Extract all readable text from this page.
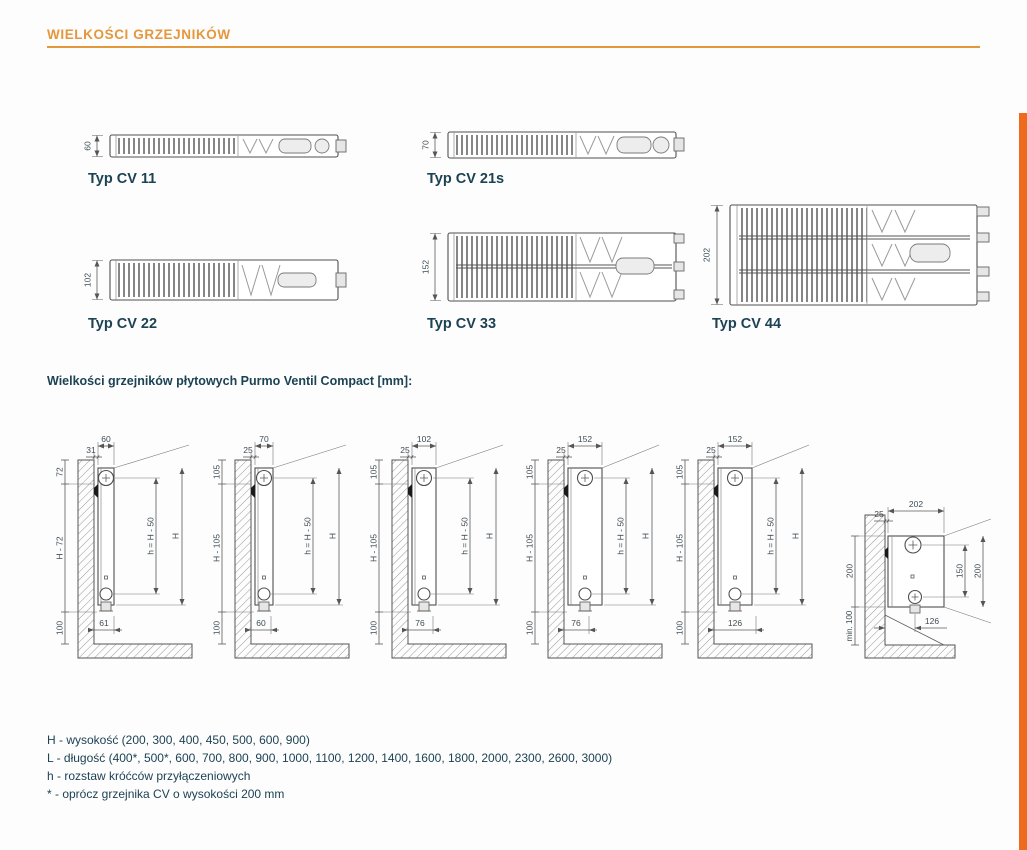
WIELKOŚCI GRZEJNIKÓW
60
Typ CV 11
70
Typ CV 21s
102
Typ CV 22
152
Typ CV 33
202
Typ CV 44
Wielkości grzejników płytowych Purmo Ventil Compact [mm]:
72
H - 72
100
60
31
h = H - 50 H
61
105
H - 105
100
70
25
h = H - 50 H
60
105
H - 105
100
102
25
h = H - 50 H
76
105
H - 105
100
152
25
h = H - 50 H
76
105
H - 105
100
152
25
h = H - 50 H
126
202
25
200
min. 100
150 200
126
H - wysokość (200, 300, 400, 450, 500, 600, 900)
L - długość (400*, 500*, 600, 700, 800, 900, 1000, 1100, 1200, 1400, 1600, 1800, 2000, 2300, 2600, 3000)
h - rozstaw króćców przyłączeniowych
* - oprócz grzejnika CV o wysokości 200 mm
